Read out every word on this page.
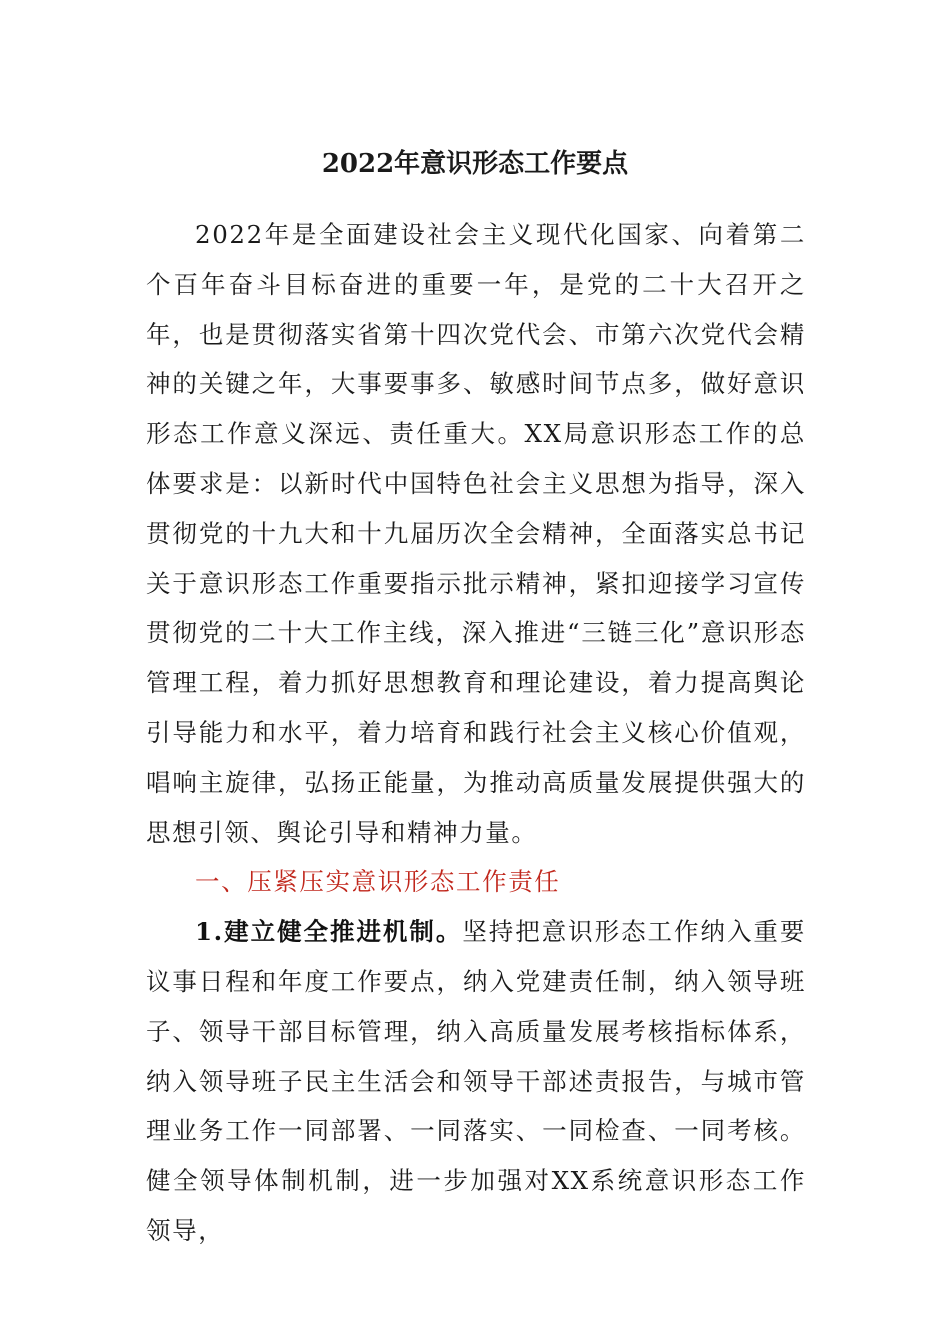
2022年意识形态工作要点

2022年是全面建设社会主义现代化国家、向着第二个百年奋斗目标奋进的重要一年，是党的二十大召开之年，也是贯彻落实省第十四次党代会、市第六次党代会精神的关键之年，大事要事多、敏感时间节点多，做好意识形态工作意义深远、责任重大。XX局意识形态工作的总体要求是：以新时代中国特色社会主义思想为指导，深入贯彻党的十九大和十九届历次全会精神，全面落实总书记关于意识形态工作重要指示批示精神，紧扣迎接学习宣传贯彻党的二十大工作主线，深入推进“三链三化”意识形态管理工程，着力抓好思想教育和理论建设，着力提高舆论引导能力和水平，着力培育和践行社会主义核心价值观，唱响主旋律，弘扬正能量，为推动高质量发展提供强大的思想引领、舆论引导和精神力量。

一、压紧压实意识形态工作责任

1.建立健全推进机制。坚持把意识形态工作纳入重要议事日程和年度工作要点，纳入党建责任制，纳入领导班子、领导干部目标管理，纳入高质量发展考核指标体系，纳入领导班子民主生活会和领导干部述责报告，与城市管理业务工作一同部署、一同落实、一同检查、一同考核。健全领导体制机制，进一步加强对XX系统意识形态工作领导，
